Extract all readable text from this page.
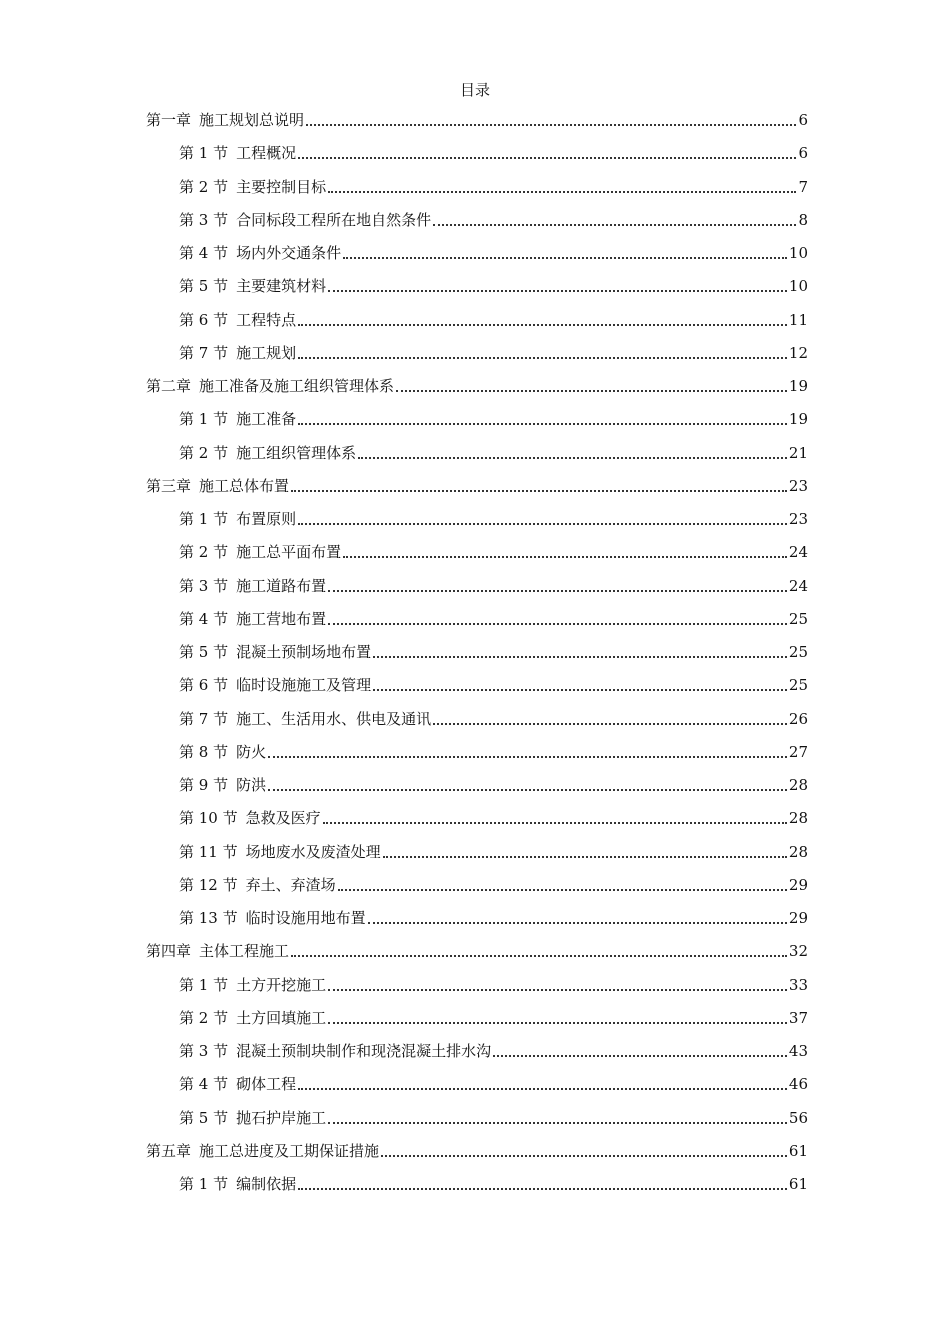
目录
第一章 施工规划总说明	6
第 1 节 工程概况	6
第 2 节 主要控制目标	7
第 3 节 合同标段工程所在地自然条件	8
第 4 节 场内外交通条件	10
第 5 节 主要建筑材料	10
第 6 节 工程特点	11
第 7 节 施工规划	12
第二章 施工准备及施工组织管理体系	19
第 1 节 施工准备	19
第 2 节 施工组织管理体系	21
第三章 施工总体布置	23
第 1 节 布置原则	23
第 2 节 施工总平面布置	24
第 3 节 施工道路布置	24
第 4 节 施工营地布置	25
第 5 节 混凝土预制场地布置	25
第 6 节 临时设施施工及管理	25
第 7 节 施工、生活用水、供电及通讯	26
第 8 节 防火	27
第 9 节 防洪	28
第 10 节 急救及医疗	28
第 11 节 场地废水及废渣处理	28
第 12 节 弃土、弃渣场	29
第 13 节 临时设施用地布置	29
第四章 主体工程施工	32
第 1 节 土方开挖施工	33
第 2 节 土方回填施工	37
第 3 节 混凝土预制块制作和现浇混凝土排水沟	43
第 4 节 砌体工程	46
第 5 节 抛石护岸施工	56
第五章 施工总进度及工期保证措施	61
第 1 节 编制依据	61
